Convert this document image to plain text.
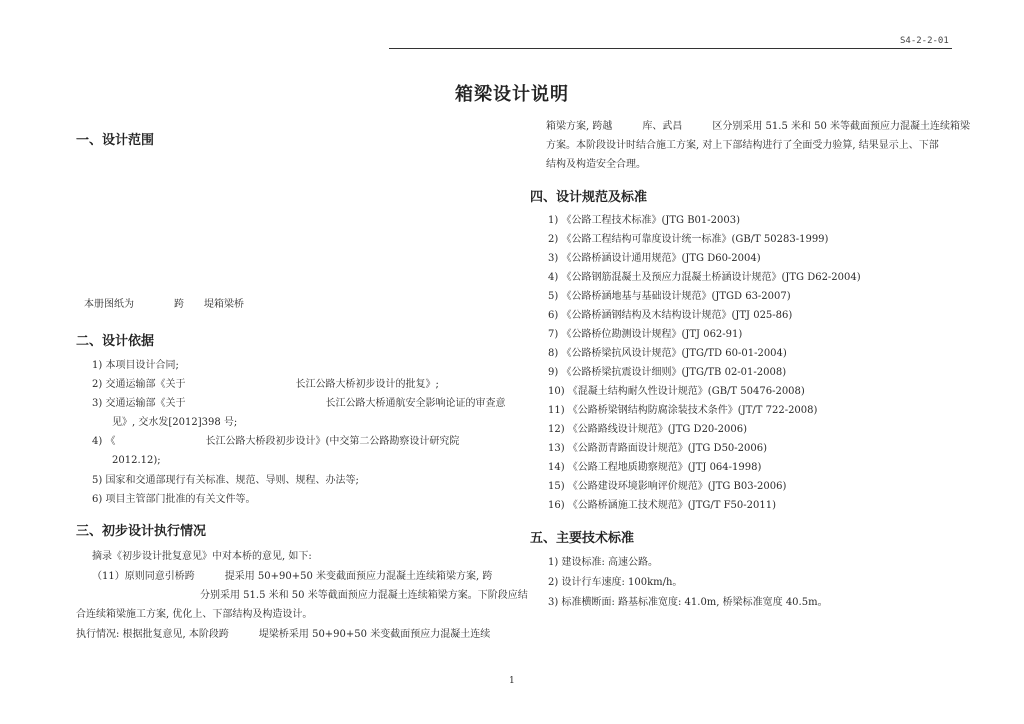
S4-2-2-01
箱梁设计说明
一、设计范围
本册图纸为　　　　跨　　堤箱梁桥
二、设计依据
1) 本项目设计合同;
2) 交通运输部《关于　　　　　　　　　　　长江公路大桥初步设计的批复》;
3) 交通运输部《关于　　　　　　　　　　　　　　长江公路大桥通航安全影响论证的审查意
见》, 交水发[2012]398 号;
4) 《　　　　　　　　　长江公路大桥段初步设计》(中交第二公路勘察设计研究院
2012.12);
5) 国家和交通部现行有关标准、规范、导则、规程、办法等;
6) 项目主管部门批准的有关文件等。
三、初步设计执行情况
摘录《初步设计批复意见》中对本桥的意见, 如下:
（11）原则同意引桥跨　　　提采用 50+90+50 米变截面预应力混凝土连续箱梁方案, 跨
分别采用 51.5 米和 50 米等截面预应力混凝土连续箱梁方案。下阶段应结
合连续箱梁施工方案, 优化上、下部结构及构造设计。
执行情况: 根据批复意见, 本阶段跨　　　堤梁桥采用 50+90+50 米变截面预应力混凝土连续
箱梁方案, 跨越　　　库、武昌　　　区分别采用 51.5 米和 50 米等截面预应力混凝土连续箱梁
方案。本阶段设计时结合施工方案, 对上下部结构进行了全面受力验算, 结果显示上、下部
结构及构造安全合理。
四、设计规范及标准
1) 《公路工程技术标准》(JTG B01-2003)
2) 《公路工程结构可靠度设计统一标准》(GB/T 50283-1999)
3) 《公路桥涵设计通用规范》(JTG D60-2004)
4) 《公路钢筋混凝土及预应力混凝土桥涵设计规范》(JTG D62-2004)
5) 《公路桥涵地基与基础设计规范》(JTGD 63-2007)
6) 《公路桥涵钢结构及木结构设计规范》(JTJ 025-86)
7) 《公路桥位勘测设计规程》(JTJ 062-91)
8) 《公路桥梁抗风设计规范》(JTG/TD 60-01-2004)
9) 《公路桥梁抗震设计细则》(JTG/TB 02-01-2008)
10) 《混凝土结构耐久性设计规范》(GB/T 50476-2008)
11) 《公路桥梁钢结构防腐涂装技术条件》(JT/T 722-2008)
12) 《公路路线设计规范》(JTG D20-2006)
13) 《公路沥青路面设计规范》(JTG D50-2006)
14) 《公路工程地质勘察规范》(JTJ 064-1998)
15) 《公路建设环境影响评价规范》(JTG B03-2006)
16) 《公路桥涵施工技术规范》(JTG/T F50-2011)
五、主要技术标准
1) 建设标准: 高速公路。
2) 设计行车速度: 100km/h。
3) 标准横断面: 路基标准宽度: 41.0m, 桥梁标准宽度 40.5m。
1
